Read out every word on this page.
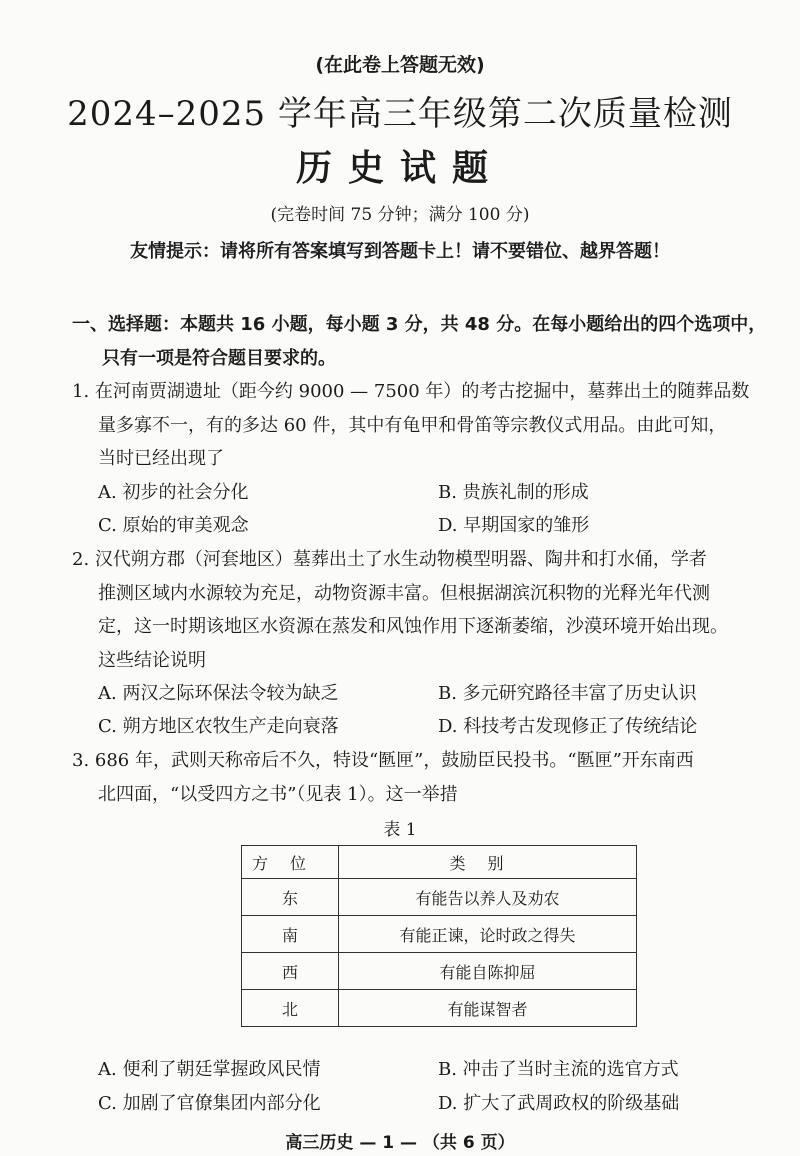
(在此卷上答题无效)
2024–2025 学年高三年级第二次质量检测
历史试题
(完卷时间 75 分钟；满分 100 分)
友情提示：请将所有答案填写到答题卡上！请不要错位、越界答题！
一、选择题：本题共 16 小题，每小题 3 分，共 48 分。在每小题给出的四个选项中，
只有一项是符合题目要求的。
1. 在河南贾湖遗址（距今约 9000 — 7500 年）的考古挖掘中，墓葬出土的随葬品数
量多寡不一，有的多达 60 件，其中有龟甲和骨笛等宗教仪式用品。由此可知，
当时已经出现了
A. 初步的社会分化	B. 贵族礼制的形成
C. 原始的审美观念	D. 早期国家的雏形
2. 汉代朔方郡（河套地区）墓葬出土了水生动物模型明器、陶井和打水俑，学者
推测区域内水源较为充足，动物资源丰富。但根据湖滨沉积物的光释光年代测
定，这一时期该地区水资源在蒸发和风蚀作用下逐渐萎缩，沙漠环境开始出现。
这些结论说明
A. 两汉之际环保法令较为缺乏	B. 多元研究路径丰富了历史认识
C. 朔方地区农牧生产走向衰落	D. 科技考古发现修正了传统结论
3. 686 年，武则天称帝后不久，特设“匦匣”，鼓励臣民投书。“匦匣”开东南西
北四面，“以受四方之书”（见表 1）。这一举措
表 1
方位	类别
东	有能告以养人及劝农
南	有能正谏，论时政之得失
西	有能自陈抑屈
北	有能谋智者
A. 便利了朝廷掌握政风民情	B. 冲击了当时主流的选官方式
C. 加剧了官僚集团内部分化	D. 扩大了武周政权的阶级基础
高三历史 — 1 — （共 6 页）
